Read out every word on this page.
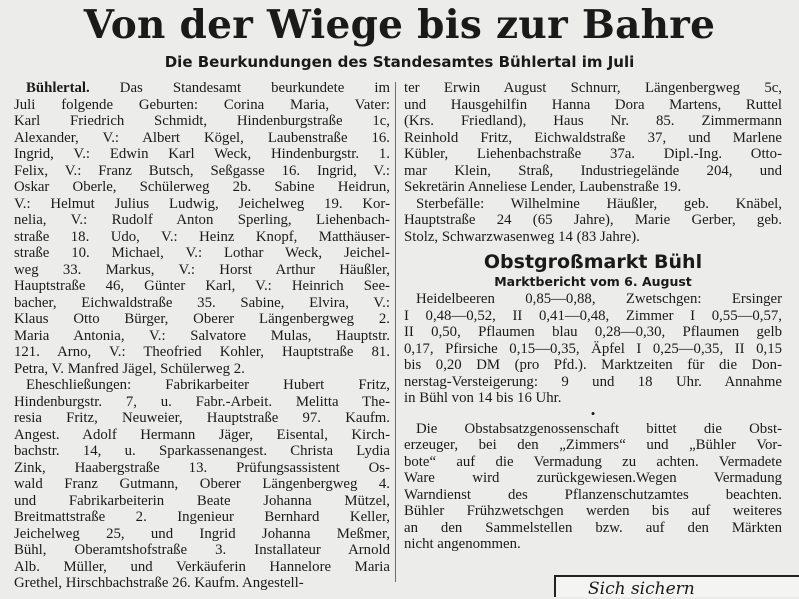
Von der Wiege bis zur Bahre
Die Beurkundungen des Standesamtes Bühlertal im Juli
Bühlertal. Das Standesamt beurkundete im
Juli folgende Geburten: Corina Maria, Vater:
Karl Friedrich Schmidt, Hindenburgstraße 1c,
Alexander, V.: Albert Kögel, Laubenstraße 16.
Ingrid, V.: Edwin Karl Weck, Hindenburgstr. 1.
Felix, V.: Franz Butsch, Seßgasse 16. Ingrid, V.:
Oskar Oberle, Schülerweg 2b. Sabine Heidrun,
V.: Helmut Julius Ludwig, Jeichelweg 19. Kor-
nelia, V.: Rudolf Anton Sperling, Liehenbach-
straße 18. Udo, V.: Heinz Knopf, Matthäuser-
straße 10. Michael, V.: Lothar Weck, Jeichel-
weg 33. Markus, V.: Horst Arthur Häußler,
Hauptstraße 46, Günter Karl, V.: Heinrich See-
bacher, Eichwaldstraße 35. Sabine, Elvira, V.:
Klaus Otto Bürger, Oberer Längenbergweg 2.
Maria Antonia, V.: Salvatore Mulas, Hauptstr.
121. Arno, V.: Theofried Kohler, Hauptstraße 81.
Petra, V. Manfred Jägel, Schülerweg 2.
Eheschließungen: Fabrikarbeiter Hubert Fritz,
Hindenburgstr. 7, u. Fabr.-Arbeit. Melitta The-
resia Fritz, Neuweier, Hauptstraße 97. Kaufm.
Angest. Adolf Hermann Jäger, Eisental, Kirch-
bachstr. 14, u. Sparkassenangest. Christa Lydia
Zink, Haabergstraße 13. Prüfungsassistent Os-
wald Franz Gutmann, Oberer Längenbergweg 4.
und Fabrikarbeiterin Beate Johanna Mützel,
Breitmattstraße 2. Ingenieur Bernhard Keller,
Jeichelweg 25, und Ingrid Johanna Meßmer,
Bühl, Oberamtshofstraße 3. Installateur Arnold
Alb. Müller, und Verkäuferin Hannelore Maria
Grethel, Hirschbachstraße 26. Kaufm. Angestell-
ter Erwin August Schnurr, Längenbergweg 5c,
und Hausgehilfin Hanna Dora Martens, Ruttel
(Krs. Friedland), Haus Nr. 85. Zimmermann
Reinhold Fritz, Eichwaldstraße 37, und Marlene
Kübler, Liehenbachstraße 37a. Dipl.-Ing. Otto-
mar Klein, Straß, Industriegelände 204, und
Sekretärin Anneliese Lender, Laubenstraße 19.
Sterbefälle: Wilhelmine Häußler, geb. Knäbel,
Hauptstraße 24 (65 Jahre), Marie Gerber, geb.
Stolz, Schwarzwasenweg 14 (83 Jahre).
Obstgroßmarkt Bühl
Marktbericht vom 6. August
Heidelbeeren 0,85—0,88, Zwetschgen: Ersinger
I 0,48—0,52, II 0,41—0,48, Zimmer I 0,55—0,57,
II 0,50, Pflaumen blau 0,28—0,30, Pflaumen gelb
0,17, Pfirsiche 0,15—0,35, Äpfel I 0,25—0,35, II 0,15
bis 0,20 DM (pro Pfd.). Marktzeiten für die Don-
nerstag-Versteigerung: 9 und 18 Uhr. Annahme
in Bühl von 14 bis 16 Uhr.
•
Die Obstabsatzgenossenschaft bittet die Obst-
erzeuger, bei den „Zimmers“ und „Bühler Vor-
bote“ auf die Vermadung zu achten. Vermadete
Ware wird zurückgewiesen.Wegen Vermadung
Warndienst des Pflanzenschutzamtes beachten.
Bühler Frühzwetschgen werden bis auf weiteres
an den Sammelstellen bzw. auf den Märkten
nicht angenommen.
Sich sichern
